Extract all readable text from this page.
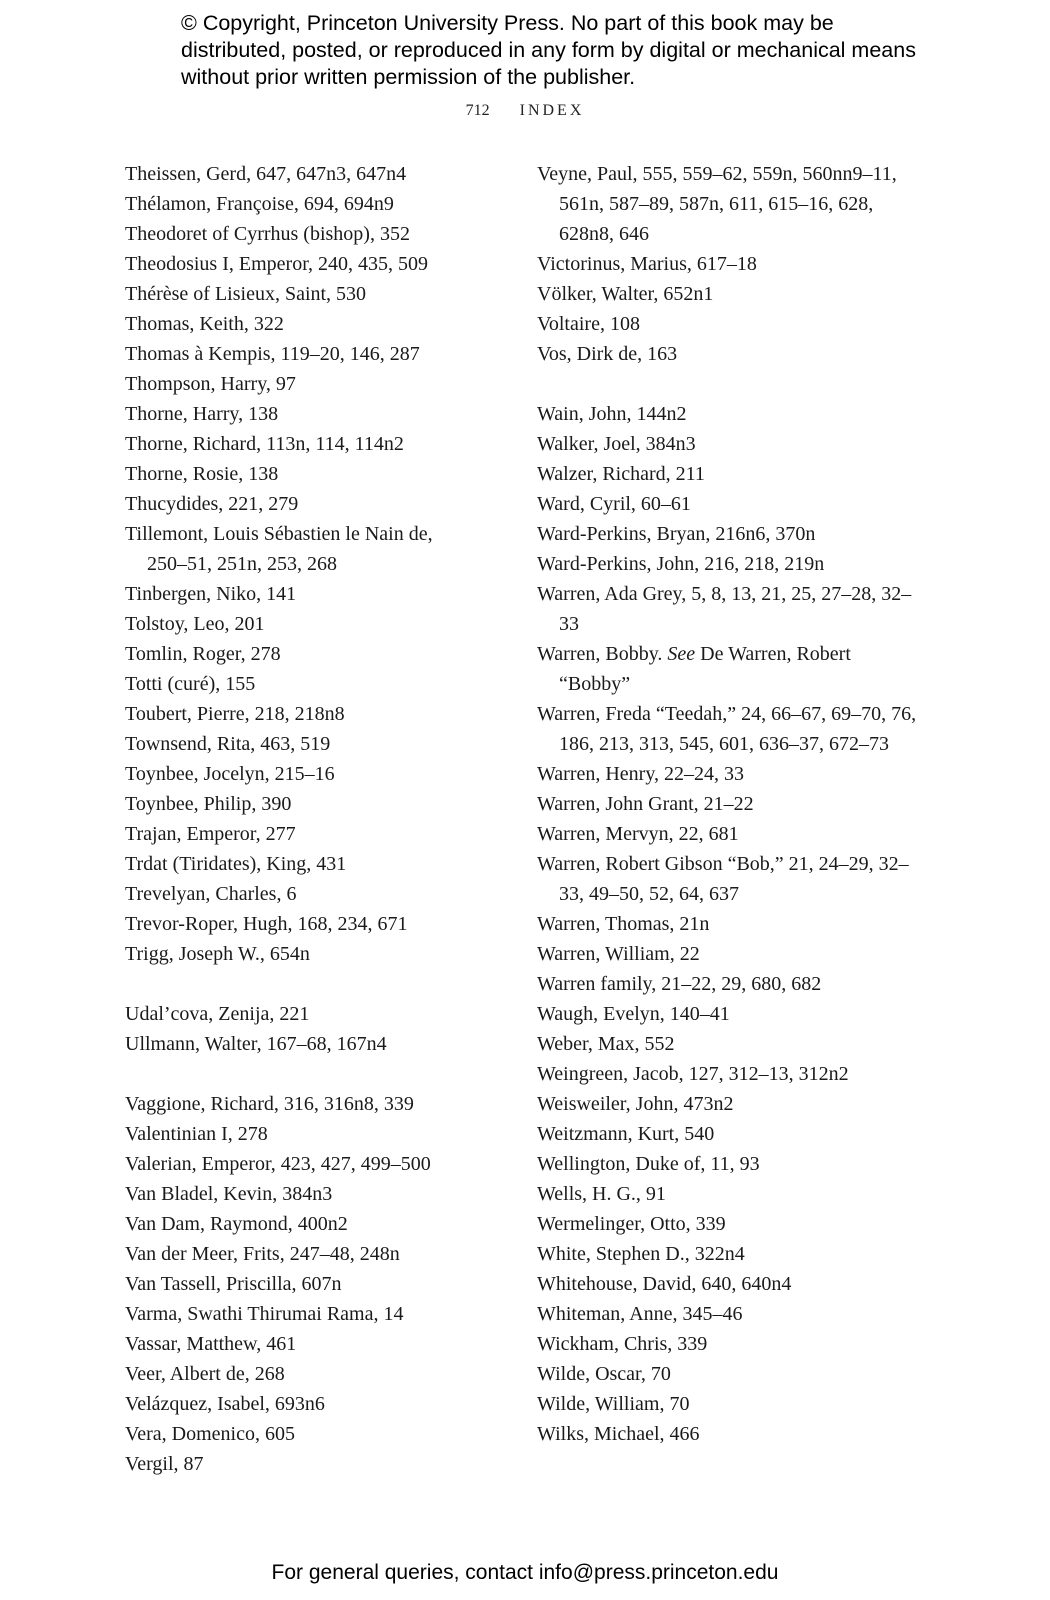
© Copyright, Princeton University Press. No part of this book may be distributed, posted, or reproduced in any form by digital or mechanical means without prior written permission of the publisher.
712 INDEX
Theissen, Gerd, 647, 647n3, 647n4
Thélamon, Françoise, 694, 694n9
Theodoret of Cyrrhus (bishop), 352
Theodosius I, Emperor, 240, 435, 509
Thérèse of Lisieux, Saint, 530
Thomas, Keith, 322
Thomas à Kempis, 119–20, 146, 287
Thompson, Harry, 97
Thorne, Harry, 138
Thorne, Richard, 113n, 114, 114n2
Thorne, Rosie, 138
Thucydides, 221, 279
Tillemont, Louis Sébastien le Nain de, 250–51, 251n, 253, 268
Tinbergen, Niko, 141
Tolstoy, Leo, 201
Tomlin, Roger, 278
Totti (curé), 155
Toubert, Pierre, 218, 218n8
Townsend, Rita, 463, 519
Toynbee, Jocelyn, 215–16
Toynbee, Philip, 390
Trajan, Emperor, 277
Trdat (Tiridates), King, 431
Trevelyan, Charles, 6
Trevor-Roper, Hugh, 168, 234, 671
Trigg, Joseph W., 654n
Udal’cova, Zenija, 221
Ullmann, Walter, 167–68, 167n4
Vaggione, Richard, 316, 316n8, 339
Valentinian I, 278
Valerian, Emperor, 423, 427, 499–500
Van Bladel, Kevin, 384n3
Van Dam, Raymond, 400n2
Van der Meer, Frits, 247–48, 248n
Van Tassell, Priscilla, 607n
Varma, Swathi Thirumai Rama, 14
Vassar, Matthew, 461
Veer, Albert de, 268
Velázquez, Isabel, 693n6
Vera, Domenico, 605
Vergil, 87
Veyne, Paul, 555, 559–62, 559n, 560nn9–11, 561n, 587–89, 587n, 611, 615–16, 628, 628n8, 646
Victorinus, Marius, 617–18
Völker, Walter, 652n1
Voltaire, 108
Vos, Dirk de, 163
Wain, John, 144n2
Walker, Joel, 384n3
Walzer, Richard, 211
Ward, Cyril, 60–61
Ward-Perkins, Bryan, 216n6, 370n
Ward-Perkins, John, 216, 218, 219n
Warren, Ada Grey, 5, 8, 13, 21, 25, 27–28, 32–33
Warren, Bobby. See De Warren, Robert “Bobby”
Warren, Freda “Teedah,” 24, 66–67, 69–70, 76, 186, 213, 313, 545, 601, 636–37, 672–73
Warren, Henry, 22–24, 33
Warren, John Grant, 21–22
Warren, Mervyn, 22, 681
Warren, Robert Gibson “Bob,” 21, 24–29, 32–33, 49–50, 52, 64, 637
Warren, Thomas, 21n
Warren, William, 22
Warren family, 21–22, 29, 680, 682
Waugh, Evelyn, 140–41
Weber, Max, 552
Weingreen, Jacob, 127, 312–13, 312n2
Weisweiler, John, 473n2
Weitzmann, Kurt, 540
Wellington, Duke of, 11, 93
Wells, H. G., 91
Wermelinger, Otto, 339
White, Stephen D., 322n4
Whitehouse, David, 640, 640n4
Whiteman, Anne, 345–46
Wickham, Chris, 339
Wilde, Oscar, 70
Wilde, William, 70
Wilks, Michael, 466
For general queries, contact info@press.princeton.edu
